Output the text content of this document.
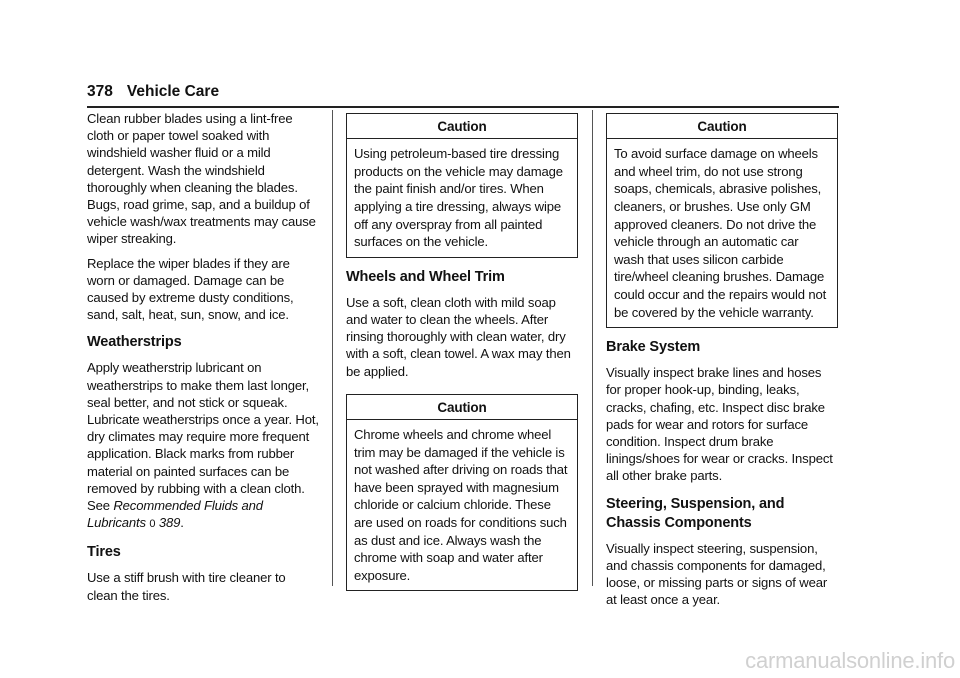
378 Vehicle Care

Clean rubber blades using a lint-free cloth or paper towel soaked with windshield washer fluid or a mild detergent. Wash the windshield thoroughly when cleaning the blades. Bugs, road grime, sap, and a buildup of vehicle wash/wax treatments may cause wiper streaking.

Replace the wiper blades if they are worn or damaged. Damage can be caused by extreme dusty conditions, sand, salt, heat, sun, snow, and ice.

Weatherstrips

Apply weatherstrip lubricant on weatherstrips to make them last longer, seal better, and not stick or squeak. Lubricate weatherstrips once a year. Hot, dry climates may require more frequent application. Black marks from rubber material on painted surfaces can be removed by rubbing with a clean cloth. See Recommended Fluids and Lubricants 0 389.

Tires

Use a stiff brush with tire cleaner to clean the tires.

Caution
Using petroleum-based tire dressing products on the vehicle may damage the paint finish and/or tires. When applying a tire dressing, always wipe off any overspray from all painted surfaces on the vehicle.
Wheels and Wheel Trim

Use a soft, clean cloth with mild soap and water to clean the wheels. After rinsing thoroughly with clean water, dry with a soft, clean towel. A wax may then be applied.

Caution
Chrome wheels and chrome wheel trim may be damaged if the vehicle is not washed after driving on roads that have been sprayed with magnesium chloride or calcium chloride. These are used on roads for conditions such as dust and ice. Always wash the chrome with soap and water after exposure.
Caution
To avoid surface damage on wheels and wheel trim, do not use strong soaps, chemicals, abrasive polishes, cleaners, or brushes. Use only GM approved cleaners. Do not drive the vehicle through an automatic car wash that uses silicon carbide tire/wheel cleaning brushes. Damage could occur and the repairs would not be covered by the vehicle warranty.
Brake System

Visually inspect brake lines and hoses for proper hook-up, binding, leaks, cracks, chafing, etc. Inspect disc brake pads for wear and rotors for surface condition. Inspect drum brake linings/shoes for wear or cracks. Inspect all other brake parts.

Steering, Suspension, and Chassis Components

Visually inspect steering, suspension, and chassis components for damaged, loose, or missing parts or signs of wear at least once a year.

carmanualsonline.info
